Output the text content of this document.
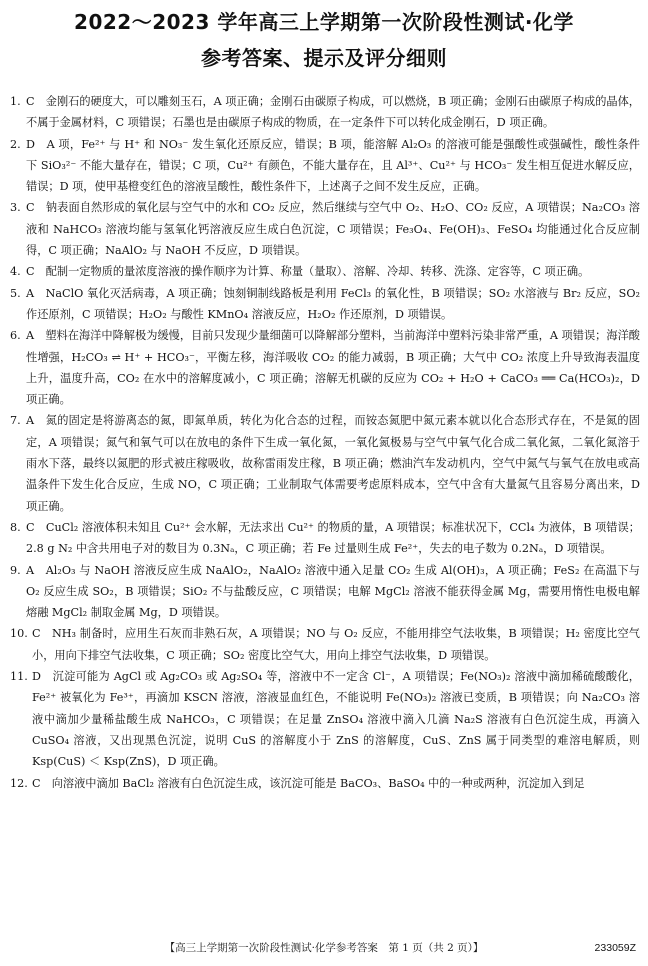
2022～2023 学年高三上学期第一次阶段性测试·化学
参考答案、提示及评分细则
1. C　金刚石的硬度大，可以雕刻玉石，A 项正确；金刚石由碳原子构成，可以燃烧，B 项正确；金刚石由碳原子构成的晶体，不属于金属材料，C 项错误；石墨也是由碳原子构成的物质，在一定条件下可以转化成金刚石，D 项正确。
2. D　A 项，Fe²⁺ 与 H⁺ 和 NO₃⁻ 发生氧化还原反应，错误；B 项，能溶解 Al₂O₃ 的溶液可能是强酸性或强碱性，酸性条件下 SiO₃²⁻ 不能大量存在，错误；C 项，Cu²⁺ 有颜色，不能大量存在，且 Al³⁺、Cu²⁺ 与 HCO₃⁻ 发生相互促进水解反应，错误；D 项，使甲基橙变红色的溶液呈酸性，酸性条件下，上述离子之间不发生反应，正确。
3. C　钠表面自然形成的氧化层与空气中的水和 CO₂ 反应，然后继续与空气中 O₂、H₂O、CO₂ 反应，A 项错误；Na₂CO₃ 溶液和 NaHCO₃ 溶液均能与氢氧化钙溶液反应生成白色沉淀，C 项错误；Fe₃O₄、Fe(OH)₃、FeSO₄ 均能通过化合反应制得，C 项正确；NaAlO₂ 与 NaOH 不反应，D 项错误。
4. C　配制一定物质的量浓度溶液的操作顺序为计算、称量（量取）、溶解、冷却、转移、洗涤、定容等，C 项正确。
5. A　NaClO 氧化灭活病毒，A 项正确；蚀刻铜制线路板是利用 FeCl₃ 的氧化性，B 项错误；SO₂ 水溶液与 Br₂ 反应，SO₂ 作还原剂，C 项错误；H₂O₂ 与酸性 KMnO₄ 溶液反应，H₂O₂ 作还原剂，D 项错误。
6. A　塑料在海洋中降解极为缓慢，目前只发现少量细菌可以降解部分塑料，当前海洋中塑料污染非常严重，A 项错误；海洋酸性增强，H₂CO₃ ⇌ H⁺ + HCO₃⁻，平衡左移，海洋吸收 CO₂ 的能力减弱，B 项正确；大气中 CO₂ 浓度上升导致海表温度上升，温度升高，CO₂ 在水中的溶解度减小，C 项正确；溶解无机碳的反应为 CO₂ + H₂O + CaCO₃ ══ Ca(HCO₃)₂，D 项正确。
7. A　氮的固定是将游离态的氮，即氮单质，转化为化合态的过程，而铵态氮肥中氮元素本就以化合态形式存在，不是氮的固定，A 项错误；氮气和氧气可以在放电的条件下生成一氧化氮，一氧化氮极易与空气中氧气化合成二氧化氮，二氧化氮溶于雨水下落，最终以氮肥的形式被庄稼吸收，故称雷雨发庄稼，B 项正确；燃油汽车发动机内，空气中氮气与氧气在放电或高温条件下发生化合反应，生成 NO，C 项正确；工业制取气体需要考虑原料成本，空气中含有大量氮气且容易分离出来，D 项正确。
8. C　CuCl₂ 溶液体积未知且 Cu²⁺ 会水解，无法求出 Cu²⁺ 的物质的量，A 项错误；标准状况下，CCl₄ 为液体，B 项错误；2.8 g N₂ 中含共用电子对的数目为 0.3Nₐ，C 项正确；若 Fe 过量则生成 Fe²⁺，失去的电子数为 0.2Nₐ，D 项错误。
9. A　Al₂O₃ 与 NaOH 溶液反应生成 NaAlO₂，NaAlO₂ 溶液中通入足量 CO₂ 生成 Al(OH)₃，A 项正确；FeS₂ 在高温下与 O₂ 反应生成 SO₂，B 项错误；SiO₂ 不与盐酸反应，C 项错误；电解 MgCl₂ 溶液不能获得金属 Mg，需要用惰性电极电解熔融 MgCl₂ 制取金属 Mg，D 项错误。
10. C　NH₃ 制备时，应用生石灰而非熟石灰，A 项错误；NO 与 O₂ 反应，不能用排空气法收集，B 项错误；H₂ 密度比空气小，用向下排空气法收集，C 项正确；SO₂ 密度比空气大，用向上排空气法收集，D 项错误。
11. D　沉淀可能为 AgCl 或 Ag₂CO₃ 或 Ag₂SO₄ 等，溶液中不一定含 Cl⁻，A 项错误；Fe(NO₃)₂ 溶液中滴加稀硫酸酸化，Fe²⁺ 被氧化为 Fe³⁺，再滴加 KSCN 溶液，溶液显血红色，不能说明 Fe(NO₃)₂ 溶液已变质，B 项错误；向 Na₂CO₃ 溶液中滴加少量稀盐酸生成 NaHCO₃，C 项错误；在足量 ZnSO₄ 溶液中滴入几滴 Na₂S 溶液有白色沉淀生成，再滴入 CuSO₄ 溶液，又出现黑色沉淀，说明 CuS 的溶解度小于 ZnS 的溶解度，CuS、ZnS 属于同类型的难溶电解质，则 Ksp(CuS) ＜ Ksp(ZnS)，D 项正确。
12. C　向溶液中滴加 BaCl₂ 溶液有白色沉淀生成，该沉淀可能是 BaCO₃、BaSO₄ 中的一种或两种，沉淀加入到足
【高三上学期第一次阶段性测试·化学参考答案　第 1 页（共 2 页）】	233059Z
